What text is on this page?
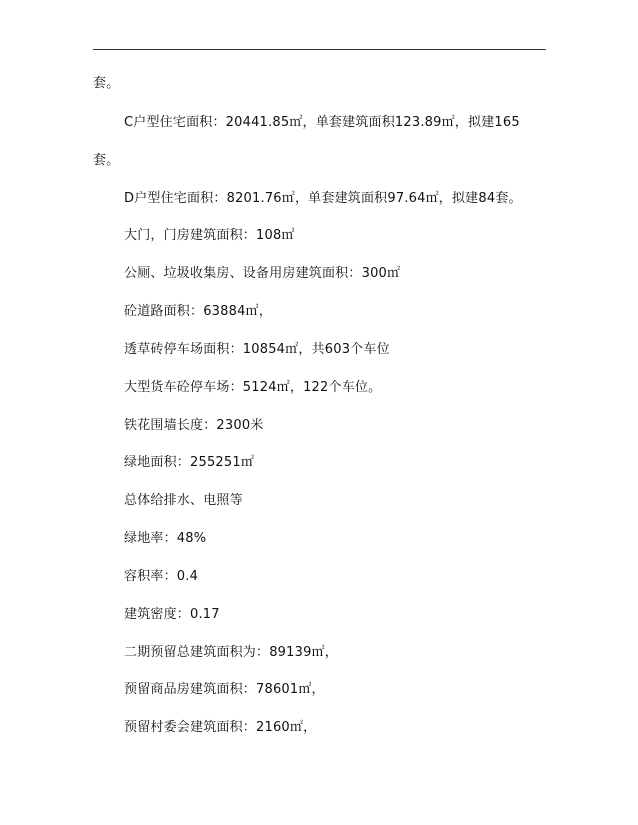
套。
C户型住宅面积：20441.85㎡，单套建筑面积123.89㎡，拟建165
套。
D户型住宅面积：8201.76㎡，单套建筑面积97.64㎡，拟建84套。
大门，门房建筑面积：108㎡
公厕、垃圾收集房、设备用房建筑面积：300㎡
砼道路面积：63884㎡，
透草砖停车场面积：10854㎡，共603个车位
大型货车砼停车场：5124㎡，122个车位。
铁花围墙长度：2300米
绿地面积：255251㎡
总体给排水、电照等
绿地率：48%
容积率：0.4
建筑密度：0.17
二期预留总建筑面积为：89139㎡，
预留商品房建筑面积：78601㎡，
预留村委会建筑面积：2160㎡，
